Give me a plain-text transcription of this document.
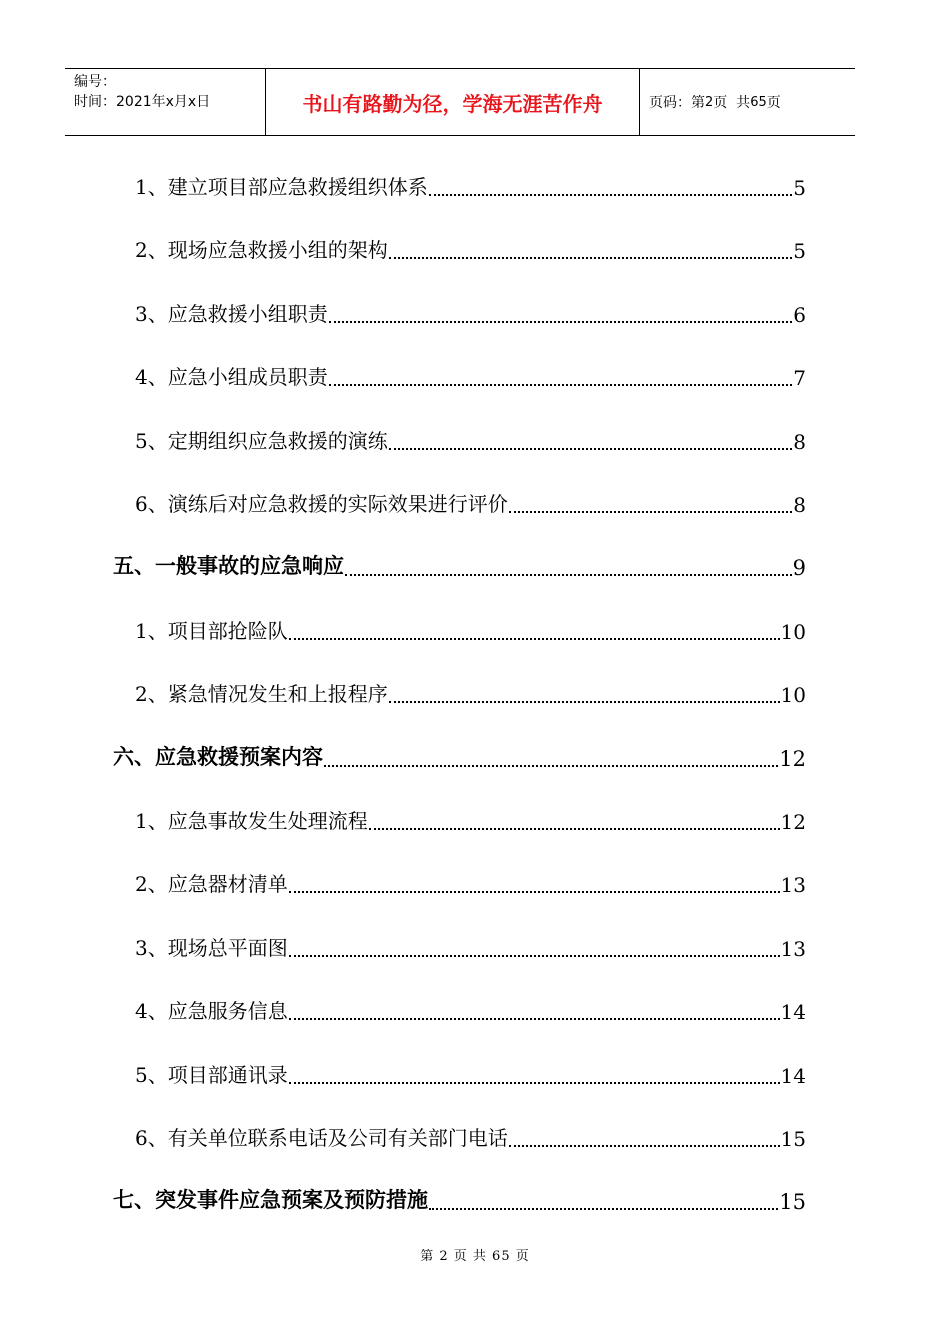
编号：
时间：2021年x月x日	书山有路勤为径，学海无涯苦作舟	页码：第 2 页  共 65 页
1、建立项目部应急救援组织体系	5
2、现场应急救援小组的架构	5
3、应急救援小组职责	6
4、应急小组成员职责	7
5、定期组织应急救援的演练	8
6、演练后对应急救援的实际效果进行评价	8
五、一般事故的应急响应	9
1、项目部抢险队	10
2、紧急情况发生和上报程序	10
六、应急救援预案内容	12
1、应急事故发生处理流程	12
2、应急器材清单	13
3、现场总平面图	13
4、应急服务信息	14
5、项目部通讯录	14
6、有关单位联系电话及公司有关部门电话	15
七、突发事件应急预案及预防措施	15
第 2 页 共 65 页
